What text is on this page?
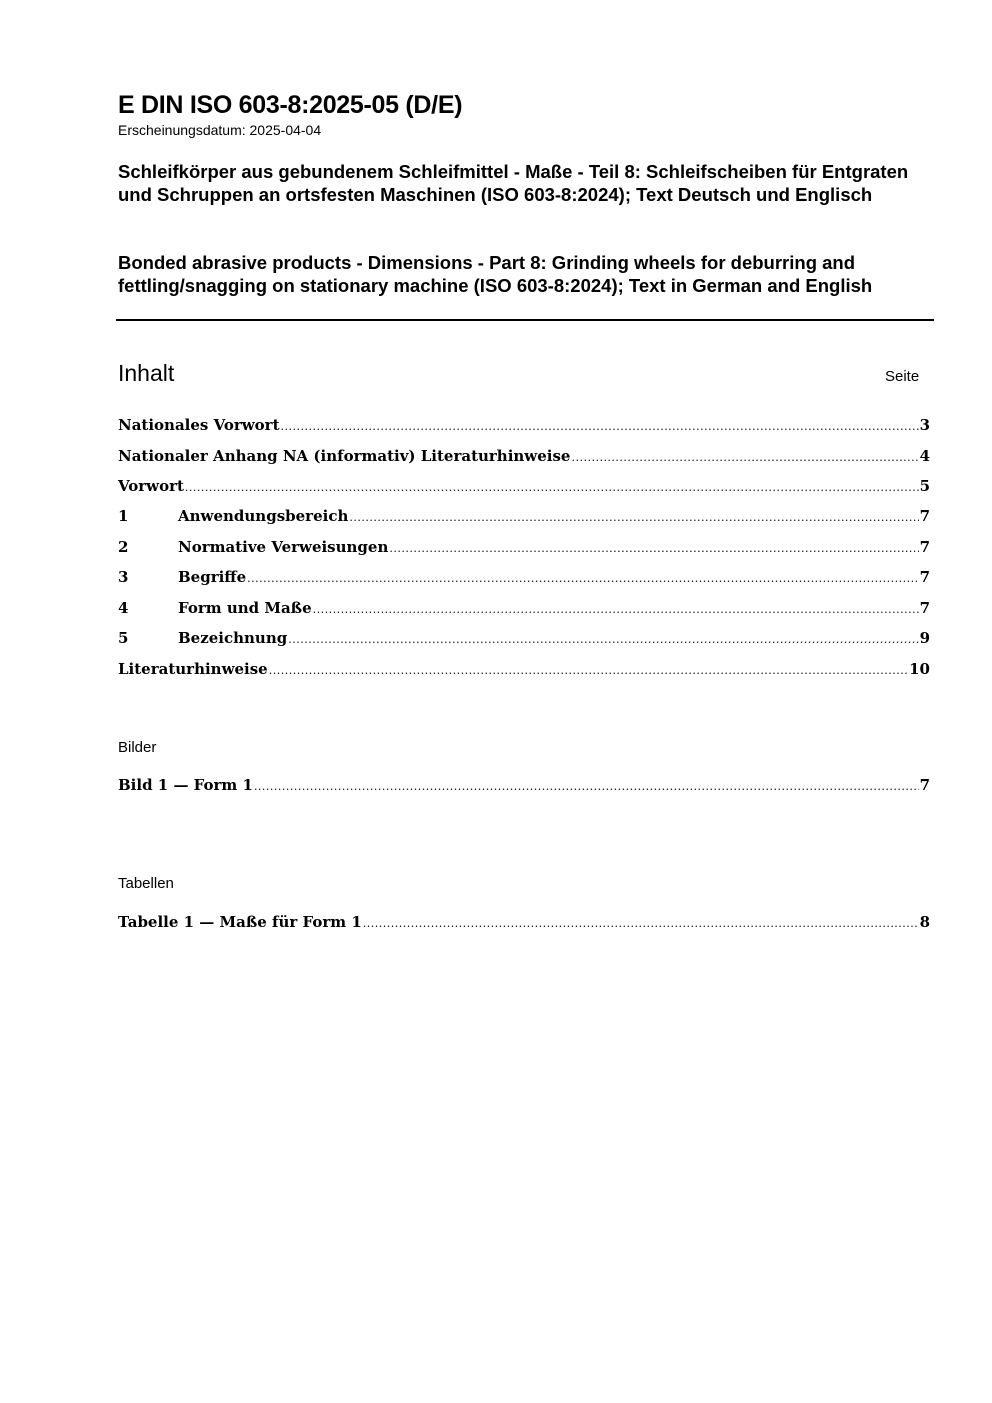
E DIN ISO 603-8:2025-05 (D/E)
Erscheinungsdatum: 2025-04-04
Schleifkörper aus gebundenem Schleifmittel - Maße - Teil 8: Schleifscheiben für Entgraten und Schruppen an ortsfesten Maschinen (ISO 603-8:2024); Text Deutsch und Englisch
Bonded abrasive products - Dimensions - Part 8: Grinding wheels for deburring and fettling/snagging on stationary machine (ISO 603-8:2024); Text in German and English
Inhalt	Seite
Nationales Vorwort .....	3
Nationaler Anhang NA (informativ) Literaturhinweise .....	4
Vorwort .....	5
1	Anwendungsbereich .....	7
2	Normative Verweisungen .....	7
3	Begriffe .....	7
4	Form und Maße .....	7
5	Bezeichnung .....	9
Literaturhinweise .....	10
Bilder
Bild 1 — Form 1 .....	7
Tabellen
Tabelle 1 — Maße für Form 1 .....	8
